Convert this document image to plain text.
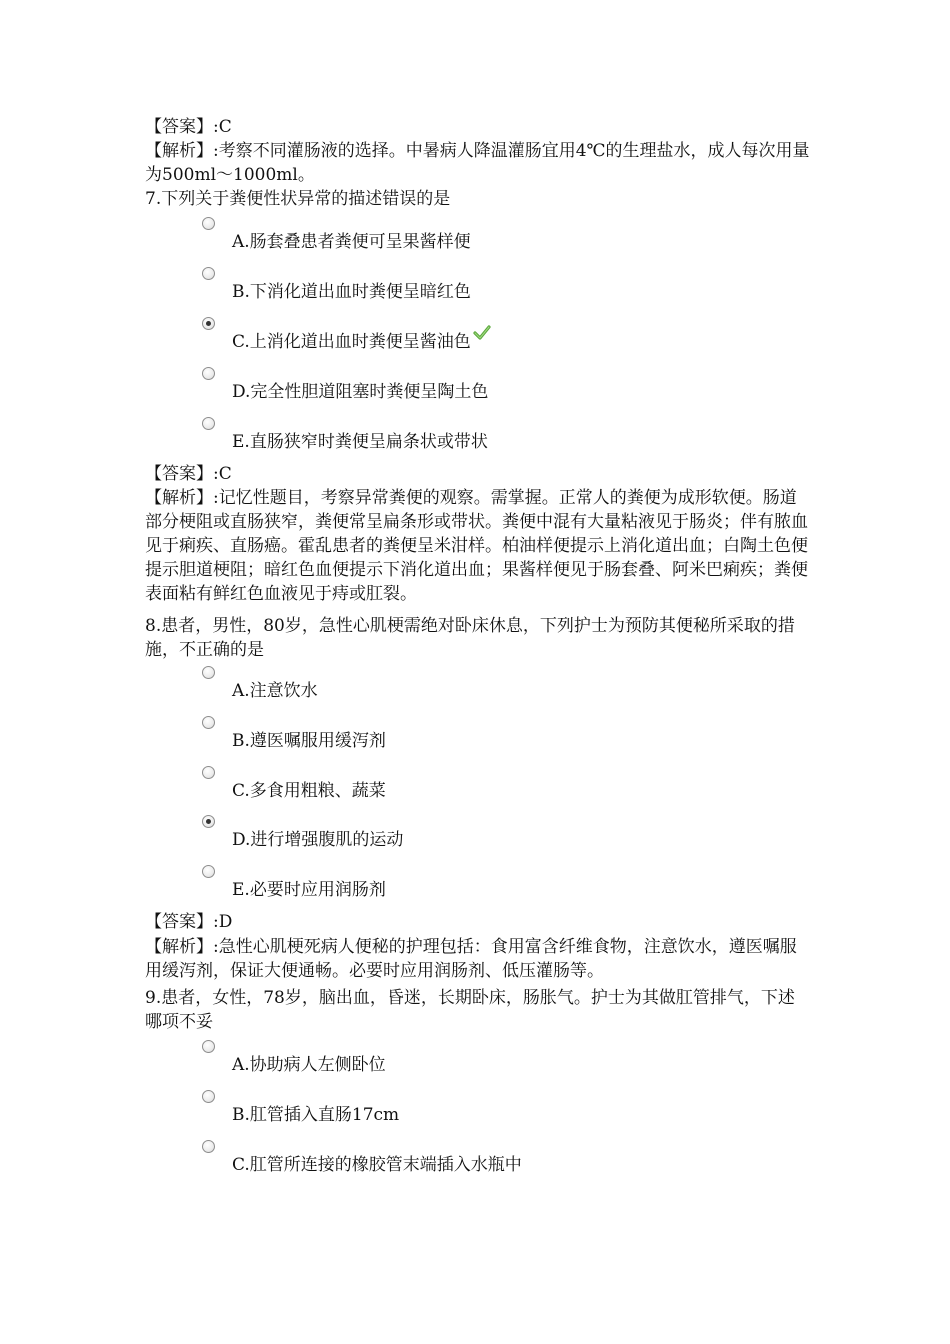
【答案】:C
【解析】:考察不同灌肠液的选择。中暑病人降温灌肠宜用4℃的生理盐水，成人每次用量为500ml～1000ml。
7.下列关于粪便性状异常的描述错误的是
A.肠套叠患者粪便可呈果酱样便
B.下消化道出血时粪便呈暗红色
C.上消化道出血时粪便呈酱油色
D.完全性胆道阻塞时粪便呈陶土色
E.直肠狭窄时粪便呈扁条状或带状
【答案】:C
【解析】:记忆性题目，考察异常粪便的观察。需掌握。正常人的粪便为成形软便。肠道部分梗阻或直肠狭窄，粪便常呈扁条形或带状。粪便中混有大量粘液见于肠炎；伴有脓血见于痢疾、直肠癌。霍乱患者的粪便呈米泔样。柏油样便提示上消化道出血；白陶土色便提示胆道梗阻；暗红色血便提示下消化道出血；果酱样便见于肠套叠、阿米巴痢疾；粪便表面粘有鲜红色血液见于痔或肛裂。
8.患者，男性，80岁，急性心肌梗需绝对卧床休息，下列护士为预防其便秘所采取的措施，不正确的是
A.注意饮水
B.遵医嘱服用缓泻剂
C.多食用粗粮、蔬菜
D.进行增强腹肌的运动
E.必要时应用润肠剂
【答案】:D
【解析】:急性心肌梗死病人便秘的护理包括：食用富含纤维食物，注意饮水，遵医嘱服用缓泻剂，保证大便通畅。必要时应用润肠剂、低压灌肠等。
9.患者，女性，78岁，脑出血，昏迷，长期卧床，肠胀气。护士为其做肛管排气，下述哪项不妥
A.协助病人左侧卧位
B.肛管插入直肠17cm
C.肛管所连接的橡胶管末端插入水瓶中
